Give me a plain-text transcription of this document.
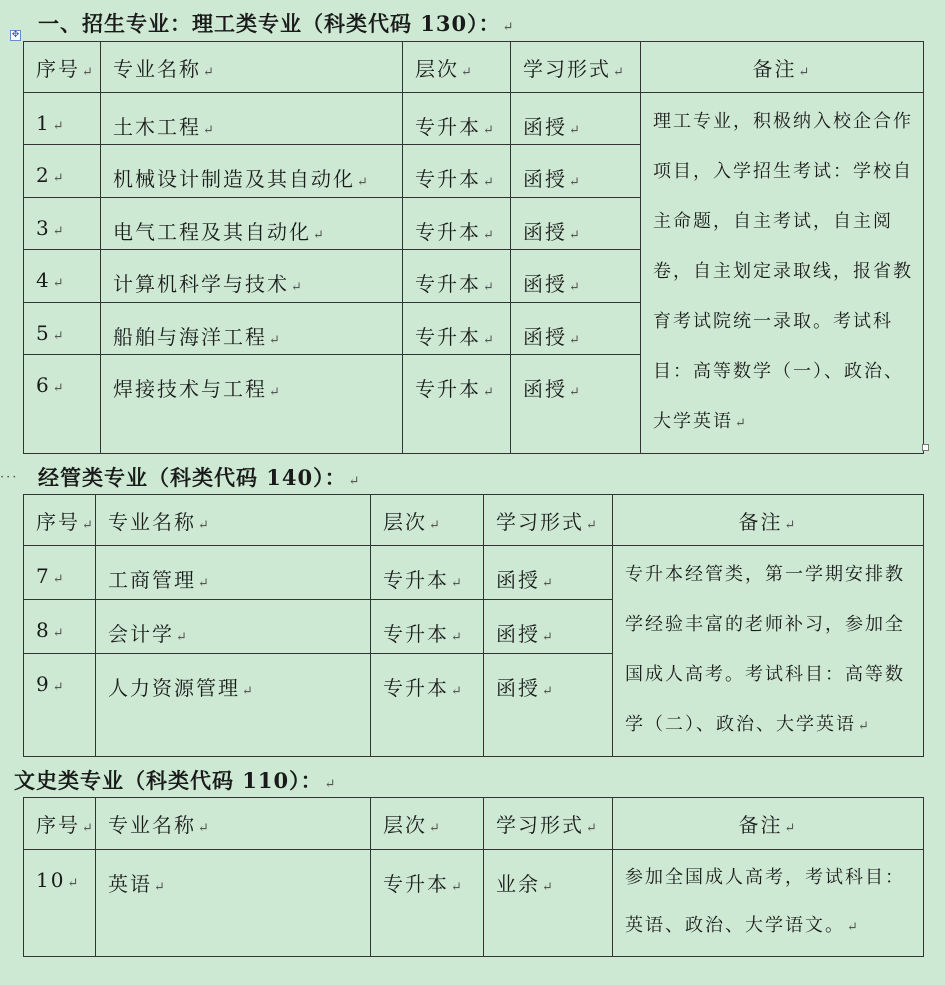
✥ 一、招生专业：理工类专业（科类代码 130）： ↵
序号 ↵	专业名称 ↵	层次 ↵	学习形式 ↵	备注 ↵
1 ↵	土木工程 ↵	专升本 ↵	函授 ↵	理工专业，积极纳入校企合作项目，入学招生考试：学校自主命题，自主考试，自主阅卷，自主划定录取线，报省教育考试院统一录取。考试科目：高等数学（一）、政治、大学英语 ↵

2 ↵	机械设计制造及其自动化 ↵	专升本 ↵	函授 ↵	
3 ↵	电气工程及其自动化 ↵	专升本 ↵	函授 ↵	
4 ↵	计算机科学与技术 ↵	专升本 ↵	函授 ↵	
5 ↵	船舶与海洋工程 ↵	专升本 ↵	函授 ↵	
6 ↵	焊接技术与工程 ↵	专升本 ↵	函授 ↵	
··· 经管类专业（科类代码 140）： ↵
序号 ↵	专业名称 ↵	层次 ↵	学习形式 ↵	备注 ↵
7 ↵	工商管理 ↵	专升本 ↵	函授 ↵	专升本经管类，第一学期安排教学经验丰富的老师补习，参加全国成人高考。考试科目：高等数学（二）、政治、大学英语 ↵

8 ↵	会计学 ↵	专升本 ↵	函授 ↵	
9 ↵	人力资源管理 ↵	专升本 ↵	函授 ↵	
文史类专业（科类代码 110）： ↵
序号 ↵	专业名称 ↵	层次 ↵	学习形式 ↵	备注 ↵
10 ↵	英语 ↵	专升本 ↵	业余 ↵	参加全国成人高考，考试科目：英语、政治、大学语文。 ↵
